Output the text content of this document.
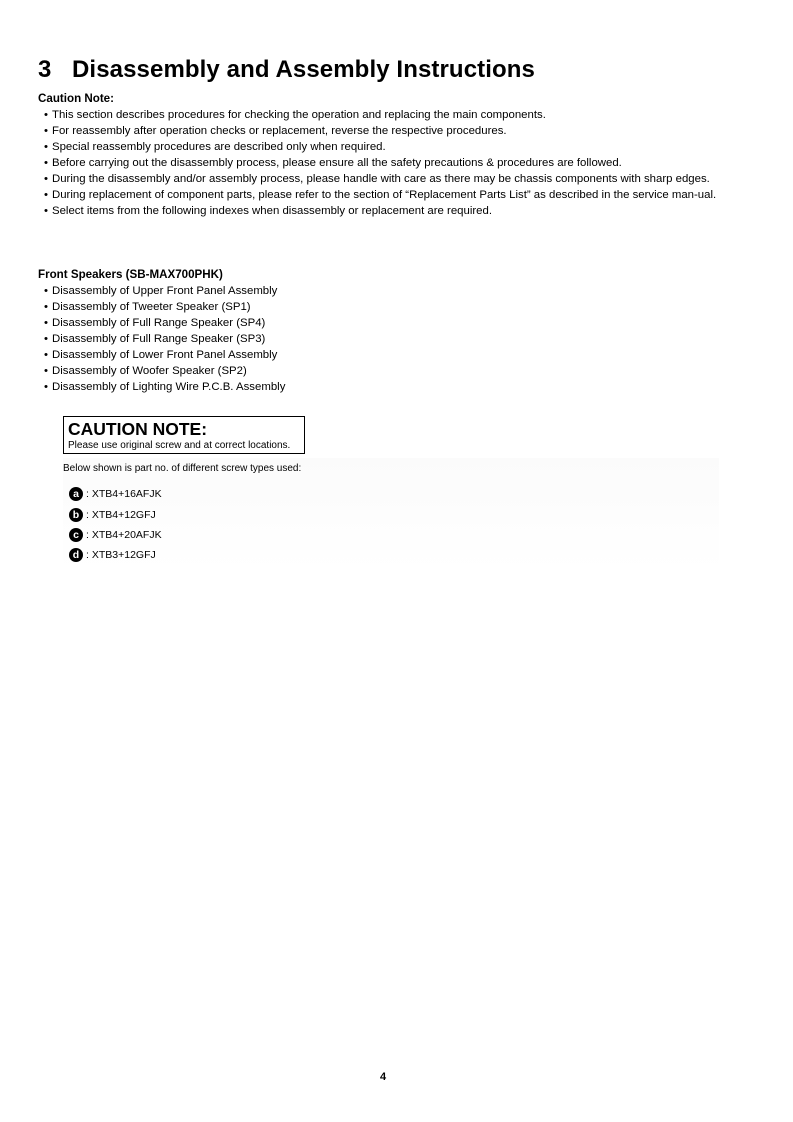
3 Disassembly and Assembly Instructions
Caution Note:
• This section describes procedures for checking the operation and replacing the main components.
• For reassembly after operation checks or replacement, reverse the respective procedures.
• Special reassembly procedures are described only when required.
• Before carrying out the disassembly process, please ensure all the safety precautions & procedures are followed.
• During the disassembly and/or assembly process, please handle with care as there may be chassis components with sharp edges.
• During replacement of component parts, please refer to the section of “Replacement Parts List” as described in the service man-ual.
• Select items from the following indexes when disassembly or replacement are required.
Front Speakers (SB-MAX700PHK)
• Disassembly of Upper Front Panel Assembly
• Disassembly of Tweeter Speaker (SP1)
• Disassembly of Full Range Speaker (SP4)
• Disassembly of Full Range Speaker (SP3)
• Disassembly of Lower Front Panel Assembly
• Disassembly of Woofer Speaker (SP2)
• Disassembly of Lighting Wire P.C.B. Assembly
CAUTION NOTE:
Please use original screw and at correct locations.
Below shown is part no. of different screw types used:
a : XTB4+16AFJK
b : XTB4+12GFJ
c : XTB4+20AFJK
d : XTB3+12GFJ
4
